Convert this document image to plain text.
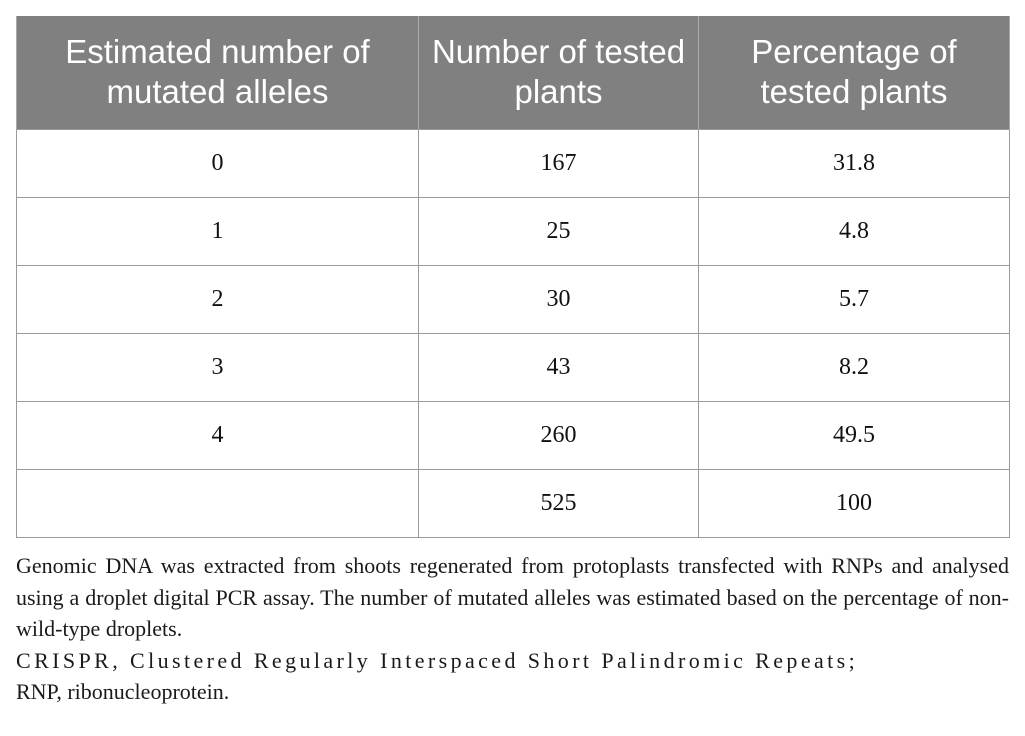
Estimated number of mutated alleles	Number of tested plants	Percentage of tested plants
0	167	31.8
1	25	4.8
2	30	5.7
3	43	8.2
4	260	49.5
	525	100

Genomic DNA was extracted from shoots regenerated from protoplasts transfected with RNPs and analysed using a droplet digital PCR assay. The number of mutated alleles was estimated based on the percentage of non-wild-type droplets.

CRISPR, Clustered Regularly Interspaced Short Palindromic Repeats;

RNP, ribonucleoprotein.
